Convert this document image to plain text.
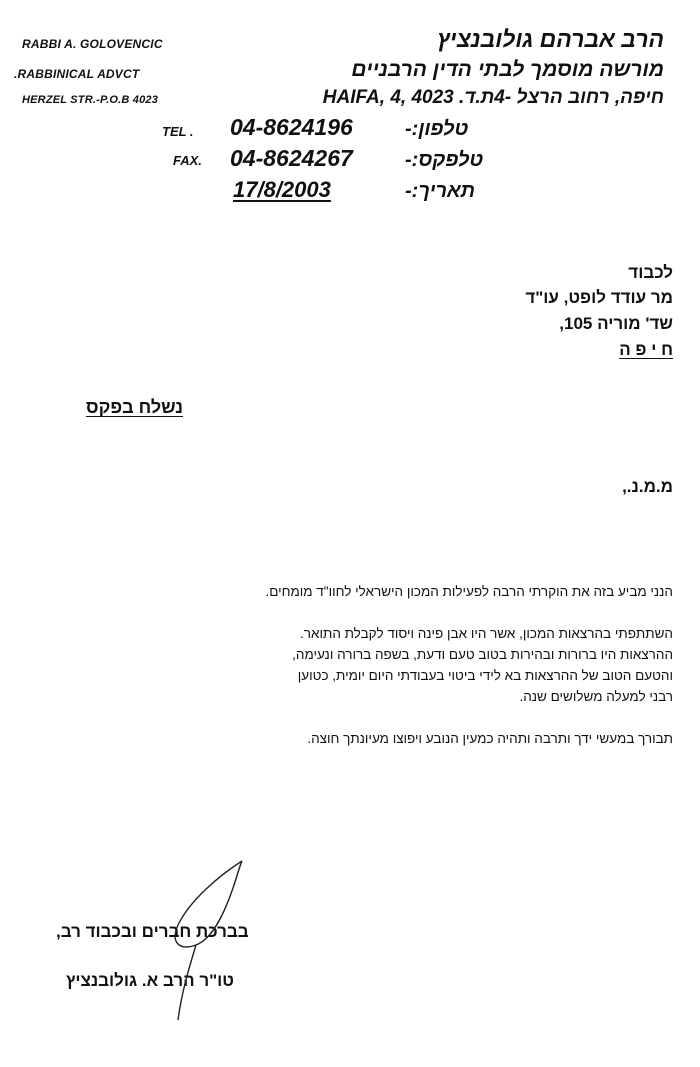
RABBI A. GOLOVENCIC
.RABBINICAL ADVCT
HERZEL STR.-P.O.B 4023
הרב אברהם גולובנציץ
מורשה מוסמך לבתי הדין הרבניים
חיפה, רחוב הרצל -4ת.ד. 4023 ,HAIFA, 4
TEL . 04-8624196	טלפון:-
FAX. 04-8624267	טלפקס:-
17/8/2003	תאריך:-
לכבוד
מר עודד לופט, עו"ד
שד' מוריה 105,
ח י פ ה
נשלח בפקס
מ.מ.נ.,
הנני מביע בזה את הוקרתי הרבה לפעילות המכון הישראלי לחוו"ד מומחים.
השתתפתי בהרצאות המכון, אשר היו אבן פינה ויסוד לקבלת התואר.
ההרצאות היו ברורות ובהירות בטוב טעם ודעת, בשפה ברורה ונעימה,
והטעם הטוב של ההרצאות בא לידי ביטוי בעבודתי היום יומית, כטוען
רבני למעלה משלושים שנה.
תבורך במעשי ידך ותרבה ותהיה כמעין הנובע ויפוצו מעיונתך חוצה.
בברכת חברים ובכבוד רב,
טו"ר הרב א. גולובנציץ
